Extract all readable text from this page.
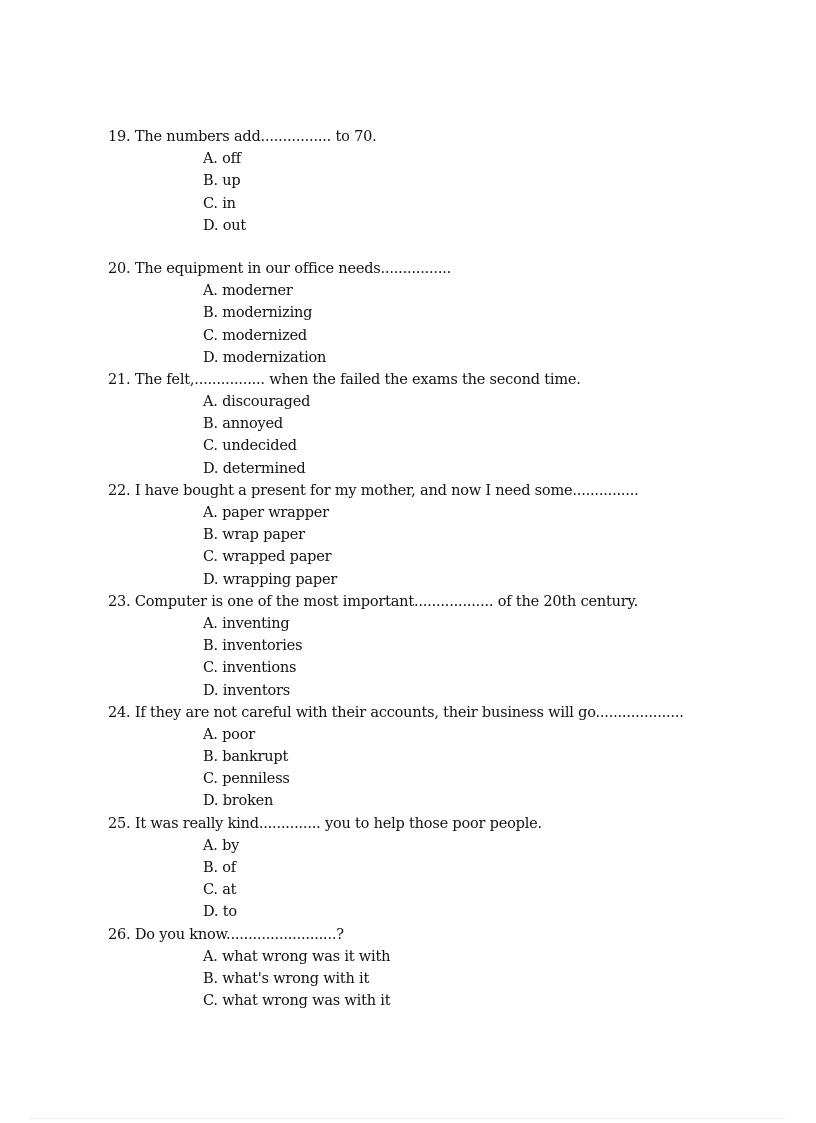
19. The numbers add................ to 70.
A. off
B. up
C. in
D. out
20. The equipment in our office needs................
A. moderner
B. modernizing
C. modernized
D. modernization
21. The felt,................ when the failed the exams the second time.
A. discouraged
B. annoyed
C. undecided
D. determined
22. I have bought a present for my mother, and now I need some...............
A. paper wrapper
B. wrap paper
C. wrapped paper
D. wrapping paper
23. Computer is one of the most important.................. of the 20th century.
A. inventing
B. inventories
C. inventions
D. inventors
24. If they are not careful with their accounts, their business will go....................
A. poor
B. bankrupt
C. penniless
D. broken
25. It was really kind.............. you to help those poor people.
A. by
B. of
C. at
D. to
26. Do you know.........................?
A. what wrong was it with
B. what's wrong with it
C. what wrong was with it
